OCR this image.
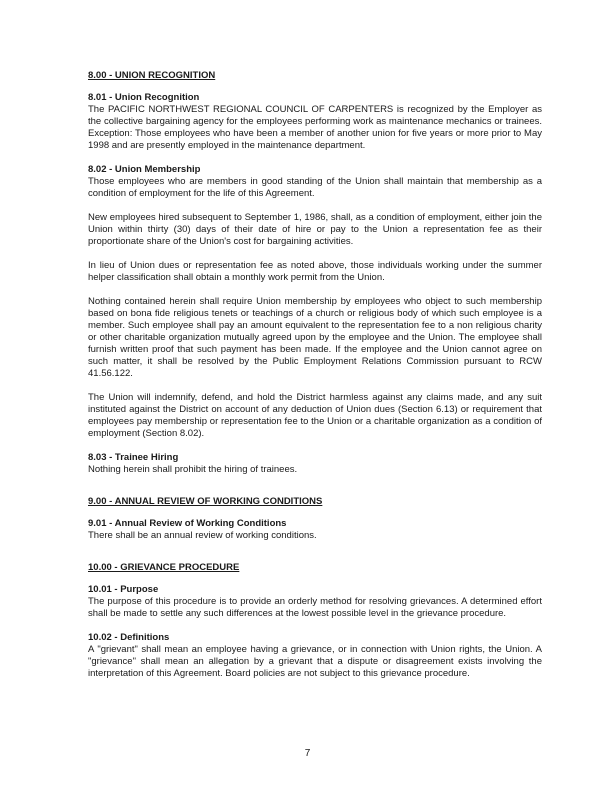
8.00 - UNION RECOGNITION
8.01 - Union Recognition

The PACIFIC NORTHWEST REGIONAL COUNCIL OF CARPENTERS is recognized by the Employer as the collective bargaining agency for the employees performing work as maintenance mechanics or trainees. Exception: Those employees who have been a member of another union for five years or more prior to May 1998 and are presently employed in the maintenance department.

8.02 - Union Membership

Those employees who are members in good standing of the Union shall maintain that membership as a condition of employment for the life of this Agreement.

New employees hired subsequent to September 1, 1986, shall, as a condition of employment, either join the Union within thirty (30) days of their date of hire or pay to the Union a representation fee as their proportionate share of the Union's cost for bargaining activities.

In lieu of Union dues or representation fee as noted above, those individuals working under the summer helper classification shall obtain a monthly work permit from the Union.

Nothing contained herein shall require Union membership by employees who object to such membership based on bona fide religious tenets or teachings of a church or religious body of which such employee is a member. Such employee shall pay an amount equivalent to the representation fee to a non religious charity or other charitable organization mutually agreed upon by the employee and the Union. The employee shall furnish written proof that such payment has been made. If the employee and the Union cannot agree on such matter, it shall be resolved by the Public Employment Relations Commission pursuant to RCW 41.56.122.

The Union will indemnify, defend, and hold the District harmless against any claims made, and any suit instituted against the District on account of any deduction of Union dues (Section 6.13) or requirement that employees pay membership or representation fee to the Union or a charitable organization as a condition of employment (Section 8.02).

8.03 - Trainee Hiring

Nothing herein shall prohibit the hiring of trainees.

9.00 - ANNUAL REVIEW OF WORKING CONDITIONS
9.01 - Annual Review of Working Conditions

There shall be an annual review of working conditions.

10.00 - GRIEVANCE PROCEDURE
10.01 - Purpose

The purpose of this procedure is to provide an orderly method for resolving grievances. A determined effort shall be made to settle any such differences at the lowest possible level in the grievance procedure.

10.02 - Definitions

A "grievant" shall mean an employee having a grievance, or in connection with Union rights, the Union. A "grievance" shall mean an allegation by a grievant that a dispute or disagreement exists involving the interpretation of this Agreement. Board policies are not subject to this grievance procedure.

7
